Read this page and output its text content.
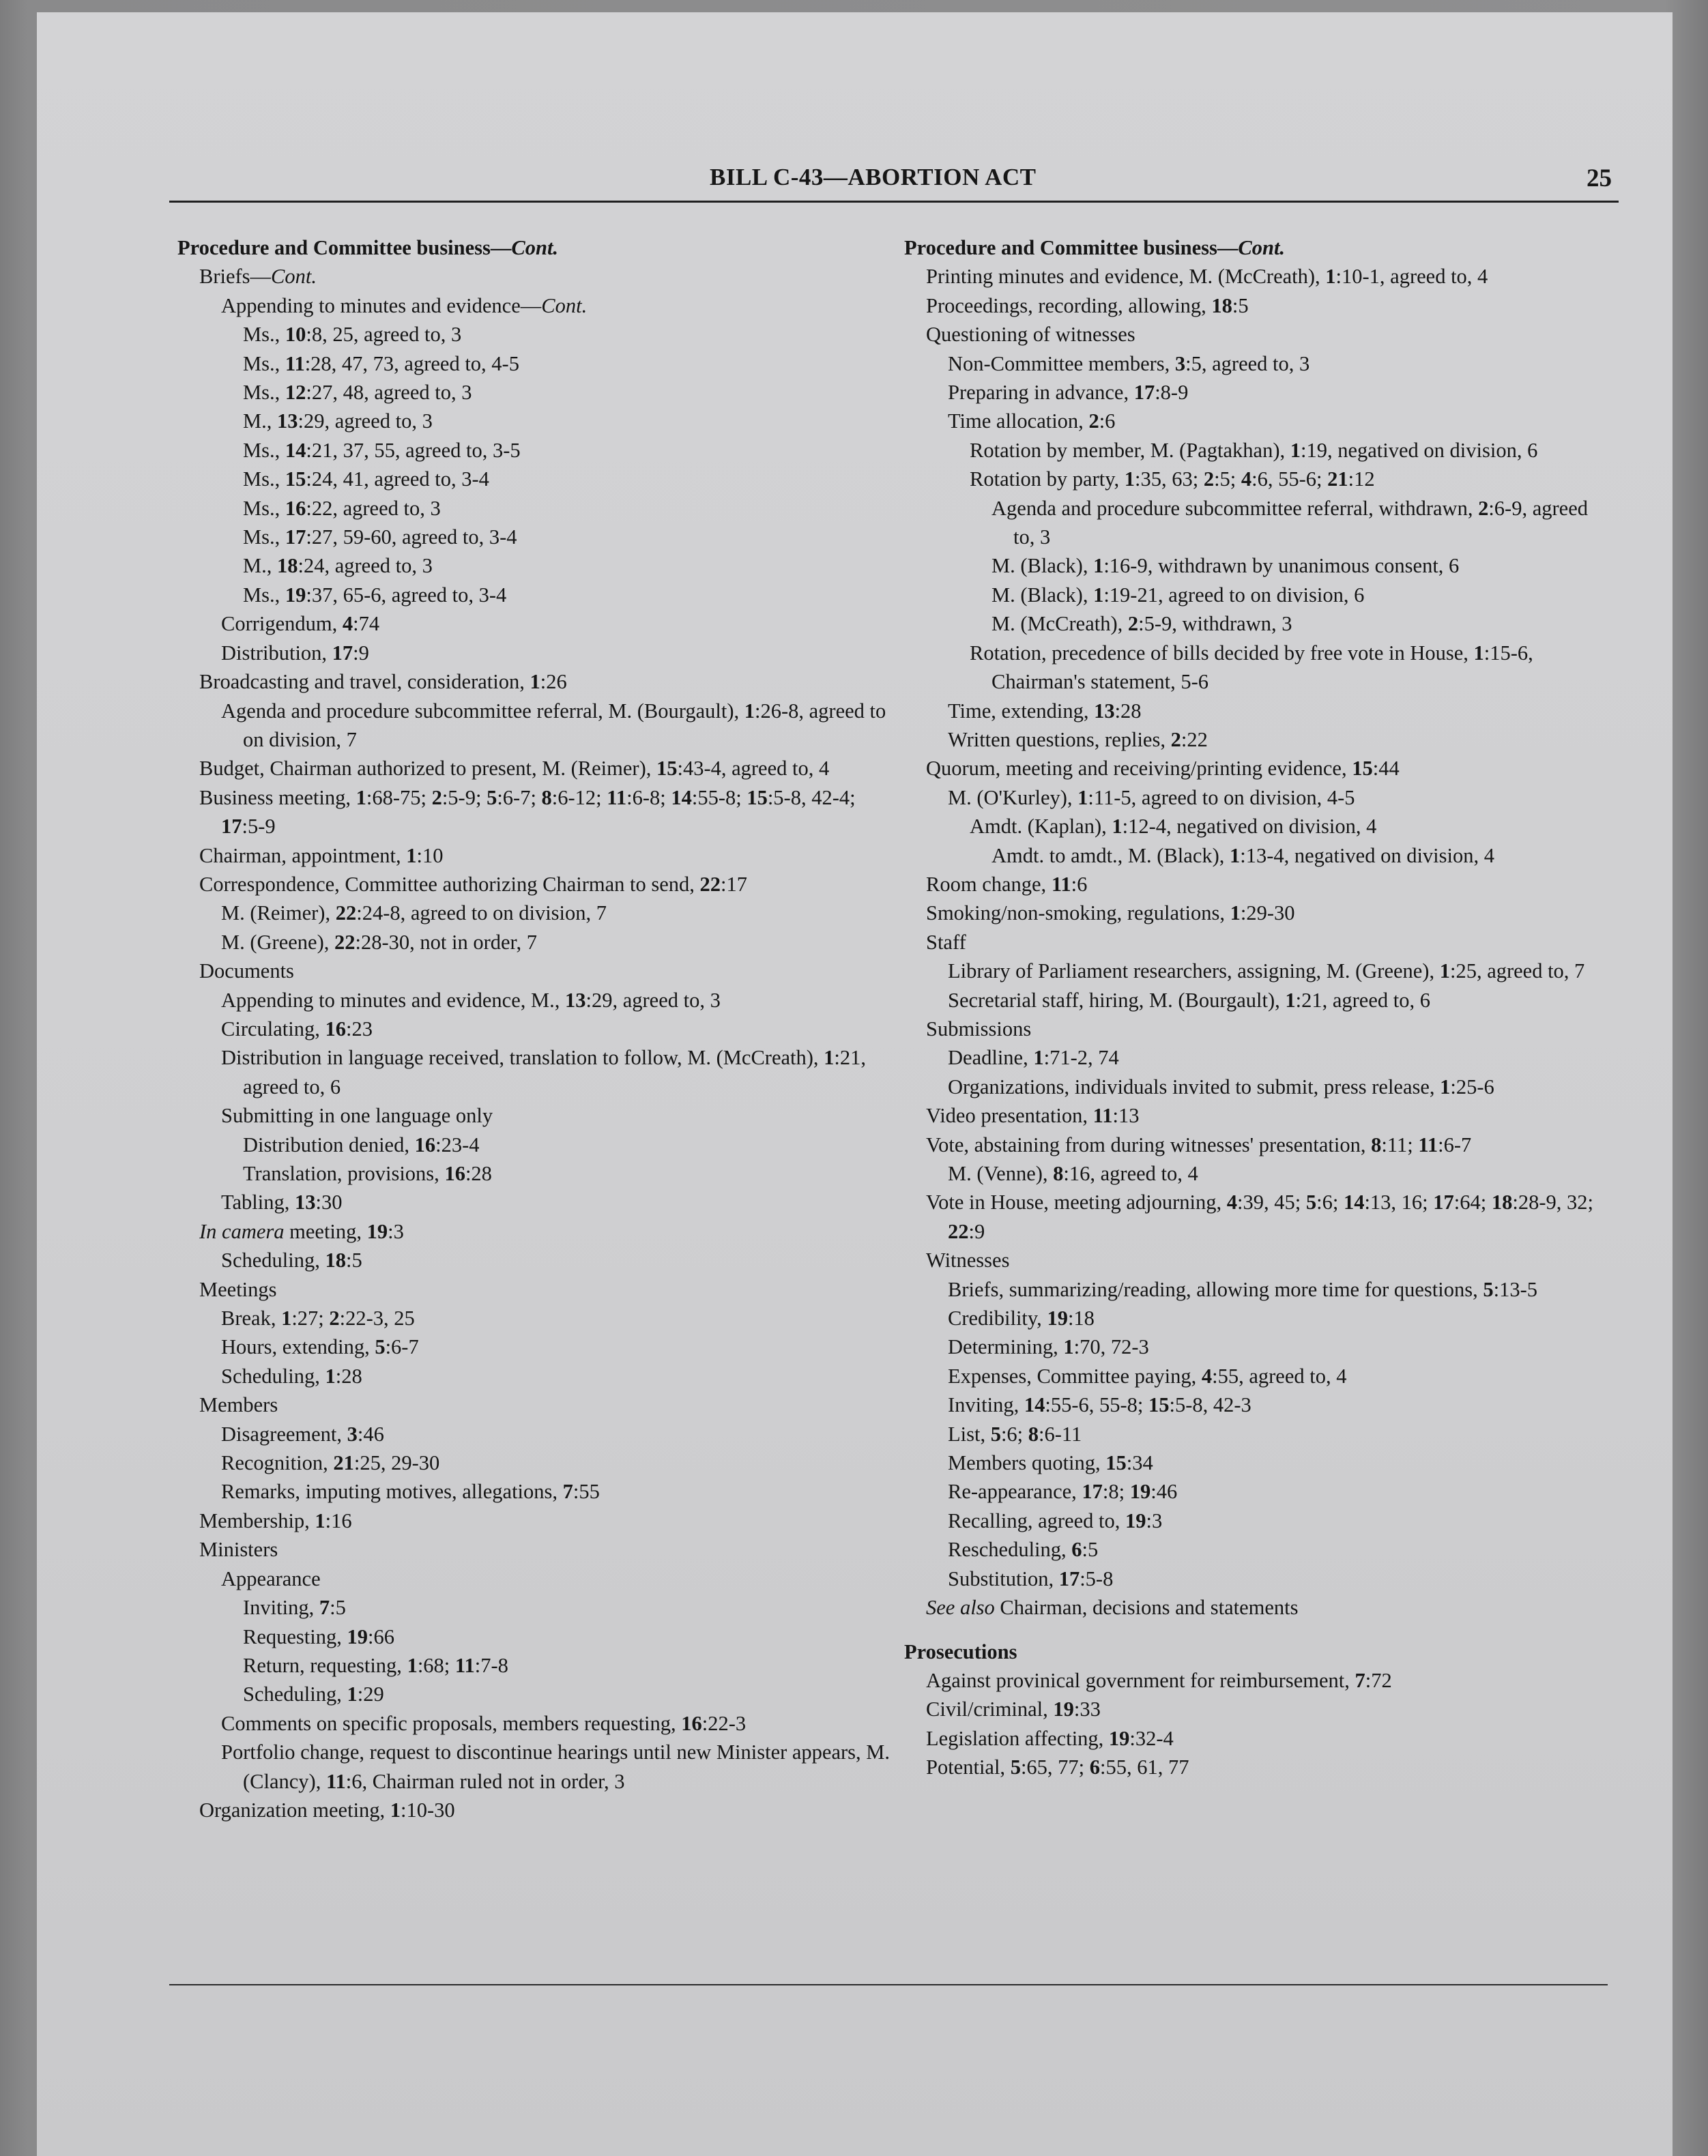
BILL C-43—ABORTION ACT	25
Procedure and Committee business—Cont.
Briefs—Cont.
Appending to minutes and evidence—Cont.
Ms., 10:8, 25, agreed to, 3
Ms., 11:28, 47, 73, agreed to, 4-5
Ms., 12:27, 48, agreed to, 3
M., 13:29, agreed to, 3
Ms., 14:21, 37, 55, agreed to, 3-5
Ms., 15:24, 41, agreed to, 3-4
Ms., 16:22, agreed to, 3
Ms., 17:27, 59-60, agreed to, 3-4
M., 18:24, agreed to, 3
Ms., 19:37, 65-6, agreed to, 3-4
Corrigendum, 4:74
Distribution, 17:9
Broadcasting and travel, consideration, 1:26
Agenda and procedure subcommittee referral, M. (Bourgault), 1:26-8, agreed to on division, 7
Budget, Chairman authorized to present, M. (Reimer), 15:43-4, agreed to, 4
Business meeting, 1:68-75; 2:5-9; 5:6-7; 8:6-12; 11:6-8; 14:55-8; 15:5-8, 42-4; 17:5-9
Chairman, appointment, 1:10
Correspondence, Committee authorizing Chairman to send, 22:17
M. (Reimer), 22:24-8, agreed to on division, 7
M. (Greene), 22:28-30, not in order, 7
Documents
Appending to minutes and evidence, M., 13:29, agreed to, 3
Circulating, 16:23
Distribution in language received, translation to follow, M. (McCreath), 1:21, agreed to, 6
Submitting in one language only
Distribution denied, 16:23-4
Translation, provisions, 16:28
Tabling, 13:30
In camera meeting, 19:3
Scheduling, 18:5
Meetings
Break, 1:27; 2:22-3, 25
Hours, extending, 5:6-7
Scheduling, 1:28
Members
Disagreement, 3:46
Recognition, 21:25, 29-30
Remarks, imputing motives, allegations, 7:55
Membership, 1:16
Ministers
Appearance
Inviting, 7:5
Requesting, 19:66
Return, requesting, 1:68; 11:7-8
Scheduling, 1:29
Comments on specific proposals, members requesting, 16:22-3
Portfolio change, request to discontinue hearings until new Minister appears, M. (Clancy), 11:6, Chairman ruled not in order, 3
Organization meeting, 1:10-30
Procedure and Committee business—Cont.
Printing minutes and evidence, M. (McCreath), 1:10-1, agreed to, 4
Proceedings, recording, allowing, 18:5
Questioning of witnesses
Non-Committee members, 3:5, agreed to, 3
Preparing in advance, 17:8-9
Time allocation, 2:6
Rotation by member, M. (Pagtakhan), 1:19, negatived on division, 6
Rotation by party, 1:35, 63; 2:5; 4:6, 55-6; 21:12
Agenda and procedure subcommittee referral, withdrawn, 2:6-9, agreed to, 3
M. (Black), 1:16-9, withdrawn by unanimous consent, 6
M. (Black), 1:19-21, agreed to on division, 6
M. (McCreath), 2:5-9, withdrawn, 3
Rotation, precedence of bills decided by free vote in House, 1:15-6, Chairman's statement, 5-6
Time, extending, 13:28
Written questions, replies, 2:22
Quorum, meeting and receiving/printing evidence, 15:44
M. (O'Kurley), 1:11-5, agreed to on division, 4-5
Amdt. (Kaplan), 1:12-4, negatived on division, 4
Amdt. to amdt., M. (Black), 1:13-4, negatived on division, 4
Room change, 11:6
Smoking/non-smoking, regulations, 1:29-30
Staff
Library of Parliament researchers, assigning, M. (Greene), 1:25, agreed to, 7
Secretarial staff, hiring, M. (Bourgault), 1:21, agreed to, 6
Submissions
Deadline, 1:71-2, 74
Organizations, individuals invited to submit, press release, 1:25-6
Video presentation, 11:13
Vote, abstaining from during witnesses' presentation, 8:11; 11:6-7
M. (Venne), 8:16, agreed to, 4
Vote in House, meeting adjourning, 4:39, 45; 5:6; 14:13, 16; 17:64; 18:28-9, 32; 22:9
Witnesses
Briefs, summarizing/reading, allowing more time for questions, 5:13-5
Credibility, 19:18
Determining, 1:70, 72-3
Expenses, Committee paying, 4:55, agreed to, 4
Inviting, 14:55-6, 55-8; 15:5-8, 42-3
List, 5:6; 8:6-11
Members quoting, 15:34
Re-appearance, 17:8; 19:46
Recalling, agreed to, 19:3
Rescheduling, 6:5
Substitution, 17:5-8
See also Chairman, decisions and statements
Prosecutions
Against provinical government for reimbursement, 7:72
Civil/criminal, 19:33
Legislation affecting, 19:32-4
Potential, 5:65, 77; 6:55, 61, 77
